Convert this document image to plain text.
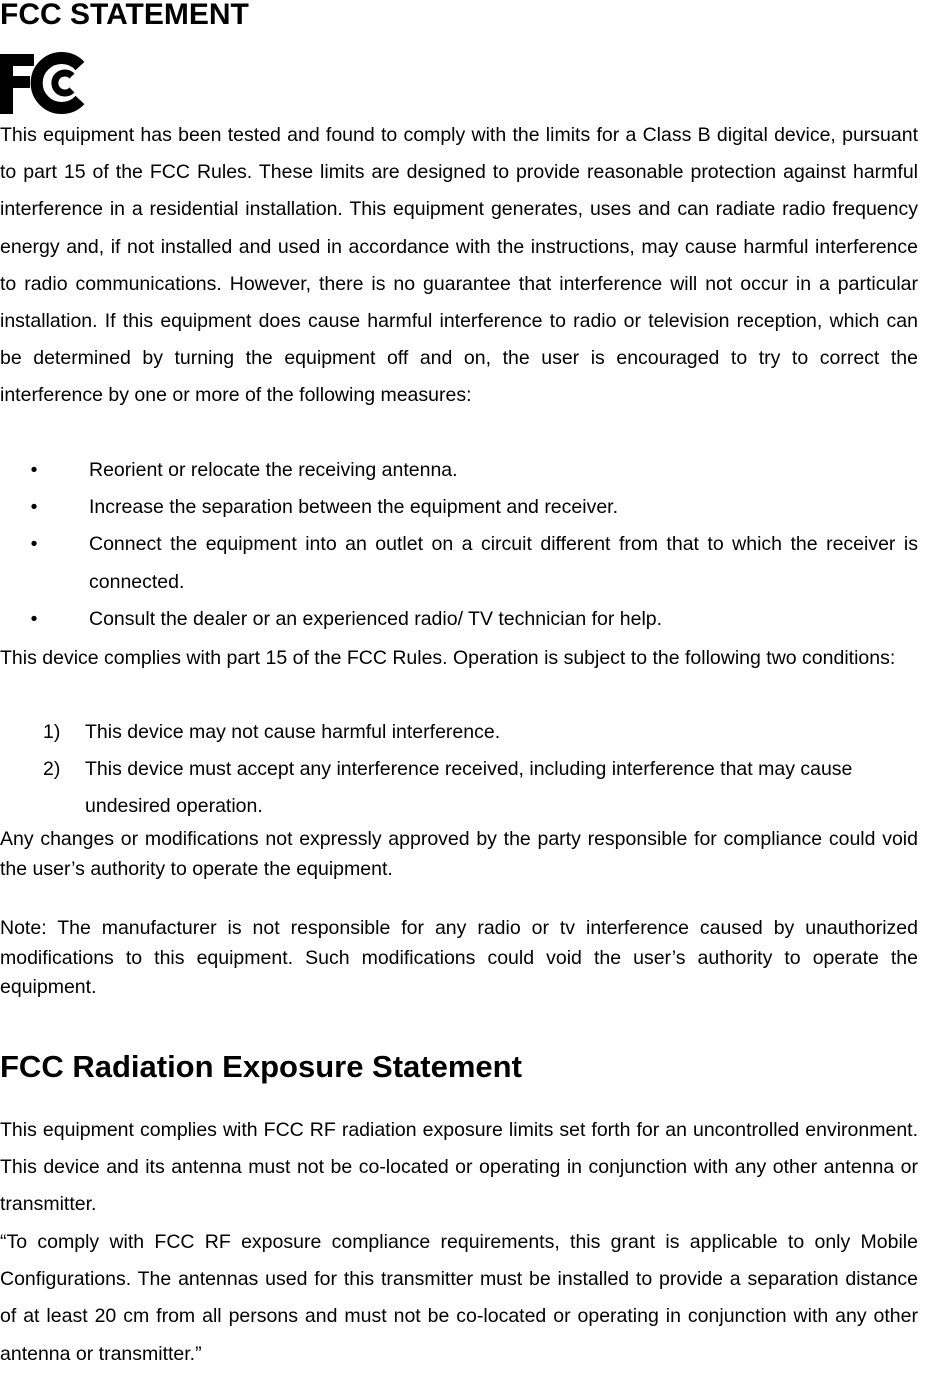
FCC STATEMENT

This equipment has been tested and found to comply with the limits for a Class B digital device, pursuant to part 15 of the FCC Rules. These limits are designed to provide reasonable protection against harmful interference in a residential installation. This equipment generates, uses and can radiate radio frequency energy and, if not installed and used in accordance with the instructions, may cause harmful interference to radio communications. However, there is no guarantee that interference will not occur in a particular installation. If this equipment does cause harmful interference to radio or television reception, which can be determined by turning the equipment off and on, the user is encouraged to try to correct the interference by one or more of the following measures:

•	Reorient or relocate the receiving antenna.
•	Increase the separation between the equipment and receiver.
•	Connect the equipment into an outlet on a circuit different from that to which the receiver is connected.
•	Consult the dealer or an experienced radio/ TV technician for help.

This device complies with part 15 of the FCC Rules. Operation is subject to the following two conditions:

1)	This device may not cause harmful interference.
2)	This device must accept any interference received, including interference that may cause undesired operation.

Any changes or modifications not expressly approved by the party responsible for compliance could void the user’s authority to operate the equipment.

Note: The manufacturer is not responsible for any radio or tv interference caused by unauthorized modifications to this equipment. Such modifications could void the user’s authority to operate the equipment.

FCC Radiation Exposure Statement

This equipment complies with FCC RF radiation exposure limits set forth for an uncontrolled environment. This device and its antenna must not be co-located or operating in conjunction with any other antenna or transmitter.

“To comply with FCC RF exposure compliance requirements, this grant is applicable to only Mobile Configurations. The antennas used for this transmitter must be installed to provide a separation distance of at least 20 cm from all persons and must not be co-located or operating in conjunction with any other antenna or transmitter.”
